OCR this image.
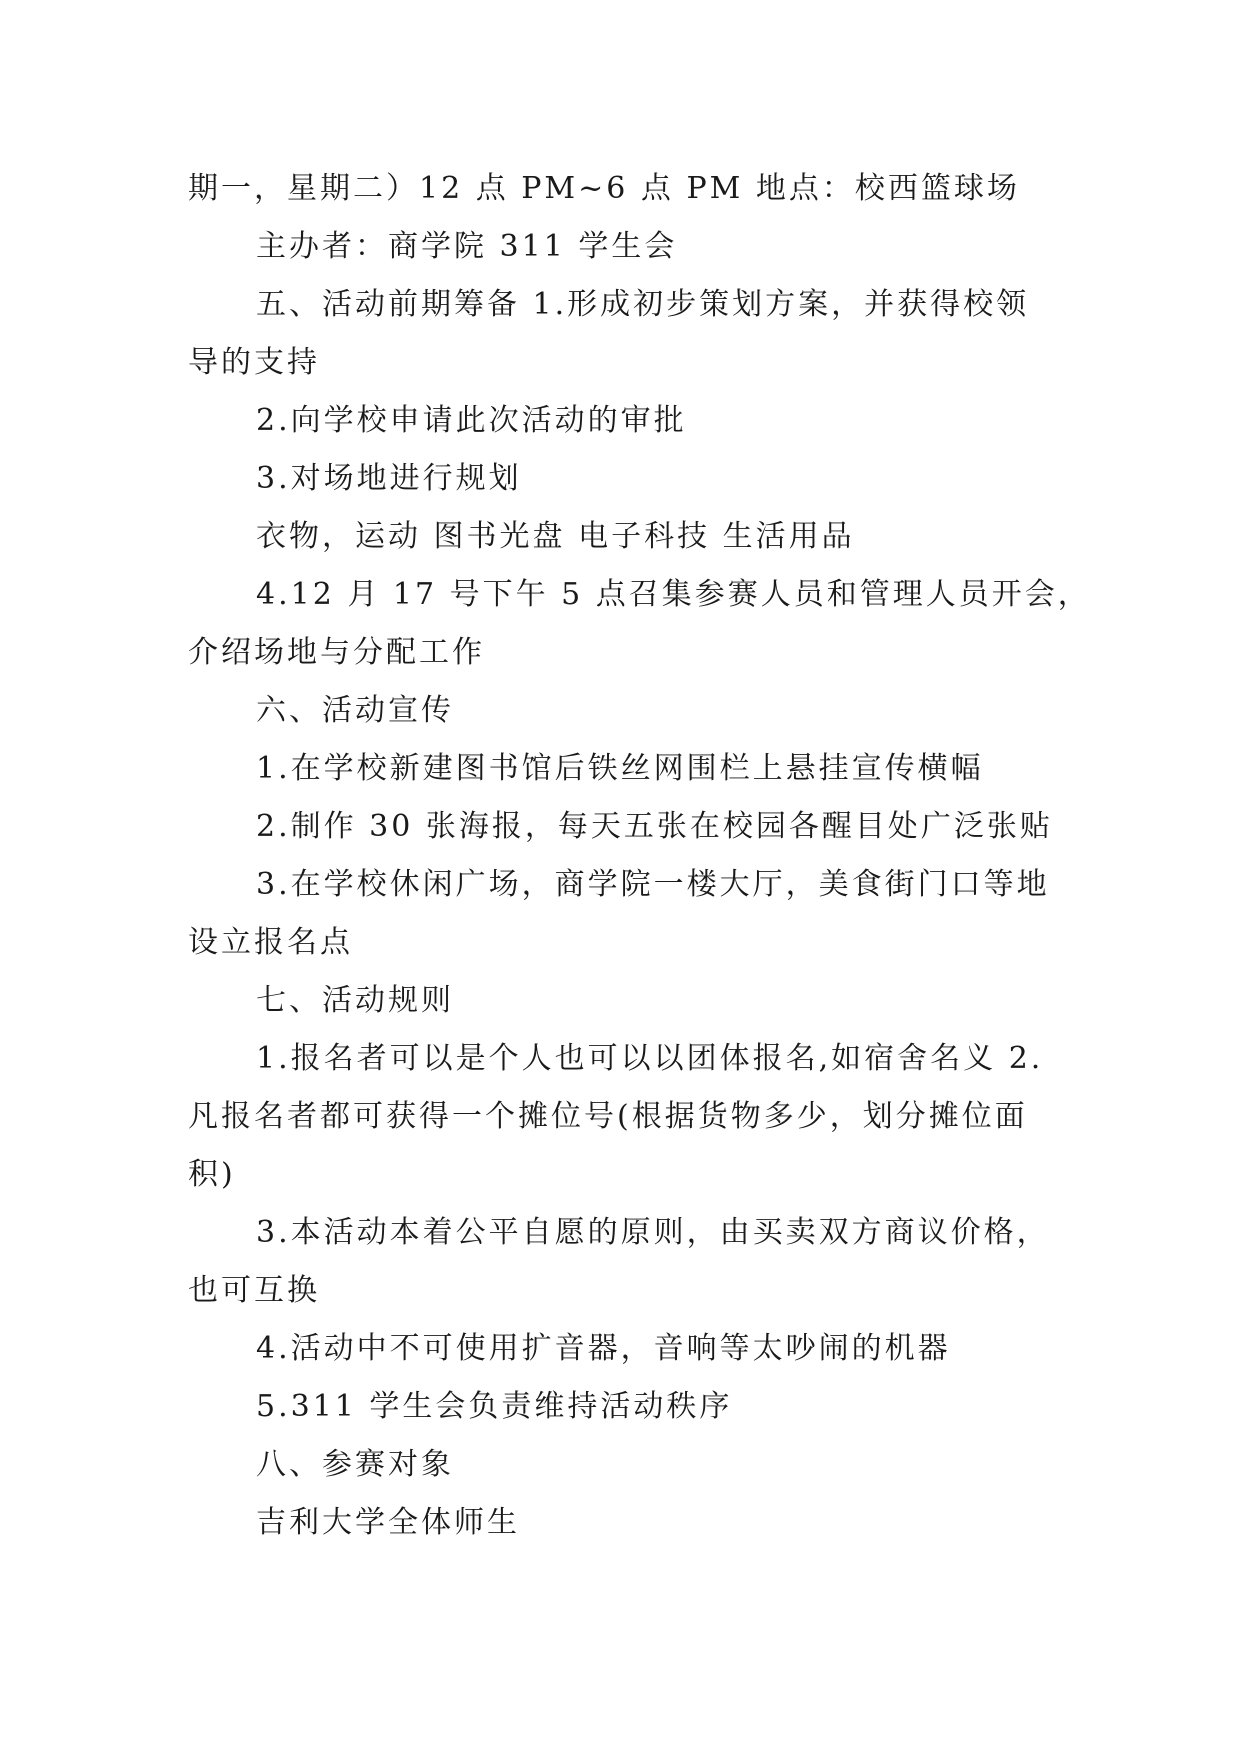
期一，星期二）12 点 PM~6 点 PM 地点：校西篮球场
主办者：商学院 311 学生会
五、活动前期筹备 1.形成初步策划方案，并获得校领
导的支持
2.向学校申请此次活动的审批
3.对场地进行规划
衣物，运动 图书光盘 电子科技 生活用品
4.12 月 17 号下午 5 点召集参赛人员和管理人员开会，
介绍场地与分配工作
六、活动宣传
1.在学校新建图书馆后铁丝网围栏上悬挂宣传横幅
2.制作 30 张海报，每天五张在校园各醒目处广泛张贴
3.在学校休闲广场，商学院一楼大厅，美食街门口等地
设立报名点
七、活动规则
1.报名者可以是个人也可以以团体报名,如宿舍名义 2.
凡报名者都可获得一个摊位号(根据货物多少，划分摊位面
积)
3.本活动本着公平自愿的原则，由买卖双方商议价格，
也可互换
4.活动中不可使用扩音器，音响等太吵闹的机器
5.311 学生会负责维持活动秩序
八、参赛对象
吉利大学全体师生
